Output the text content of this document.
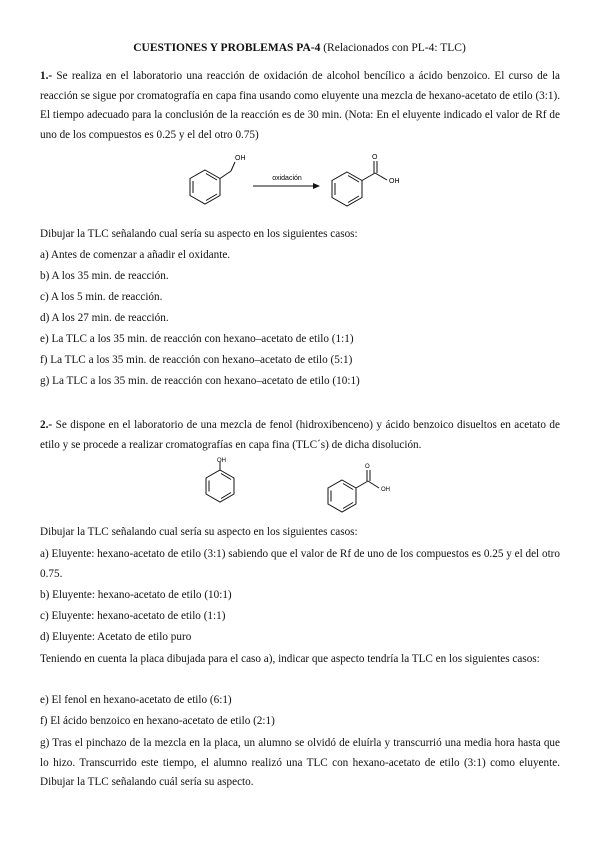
CUESTIONES Y PROBLEMAS PA-4 (Relacionados con PL-4: TLC)
1.- Se realiza en el laboratorio una reacción de oxidación de alcohol bencílico a ácido benzoico. El curso de la reacción se sigue por cromatografía en capa fina usando como eluyente una mezcla de hexano-acetato de etilo (3:1). El tiempo adecuado para la conclusión de la reacción es de 30 min. (Nota: En el eluyente indicado el valor de Rf de uno de los compuestos es 0.25 y el del otro 0.75)
OH
oxidación
O
OH
Dibujar la TLC señalando cual sería su aspecto en los siguientes casos:
a) Antes de comenzar a añadir el oxidante.
b) A los 35 min. de reacción.
c) A los 5 min. de reacción.
d) A los 27 min. de reacción.
e) La TLC a los 35 min. de reacción con hexano–acetato de etilo (1:1)
f) La TLC a los 35 min. de reacción con hexano–acetato de etilo (5:1)
g) La TLC a los 35 min. de reacción con hexano–acetato de etilo (10:1)
2.- Se dispone en el laboratorio de una mezcla de fenol (hidroxibenceno) y ácido benzoico disueltos en acetato de etilo y se procede a realizar cromatografías en capa fina (TLC´s) de dicha disolución.
OH
O
OH
Dibujar la TLC señalando cual sería su aspecto en los siguientes casos:
a) Eluyente: hexano-acetato de etilo (3:1) sabiendo que el valor de Rf de uno de los compuestos es 0.25 y el del otro 0.75.
b) Eluyente: hexano-acetato de etilo (10:1)
c) Eluyente: hexano-acetato de etilo (1:1)
d) Eluyente: Acetato de etilo puro
Teniendo en cuenta la placa dibujada para el caso a), indicar que aspecto tendría la TLC en los siguientes casos:
e) El fenol en hexano-acetato de etilo (6:1)
f) El ácido benzoico en hexano-acetato de etilo (2:1)
g) Tras el pinchazo de la mezcla en la placa, un alumno se olvidó de eluírla y transcurrió una media hora hasta que lo hizo. Transcurrido este tiempo, el alumno realizó una TLC con hexano-acetato de etilo (3:1) como eluyente. Dibujar la TLC señalando cuál sería su aspecto.
